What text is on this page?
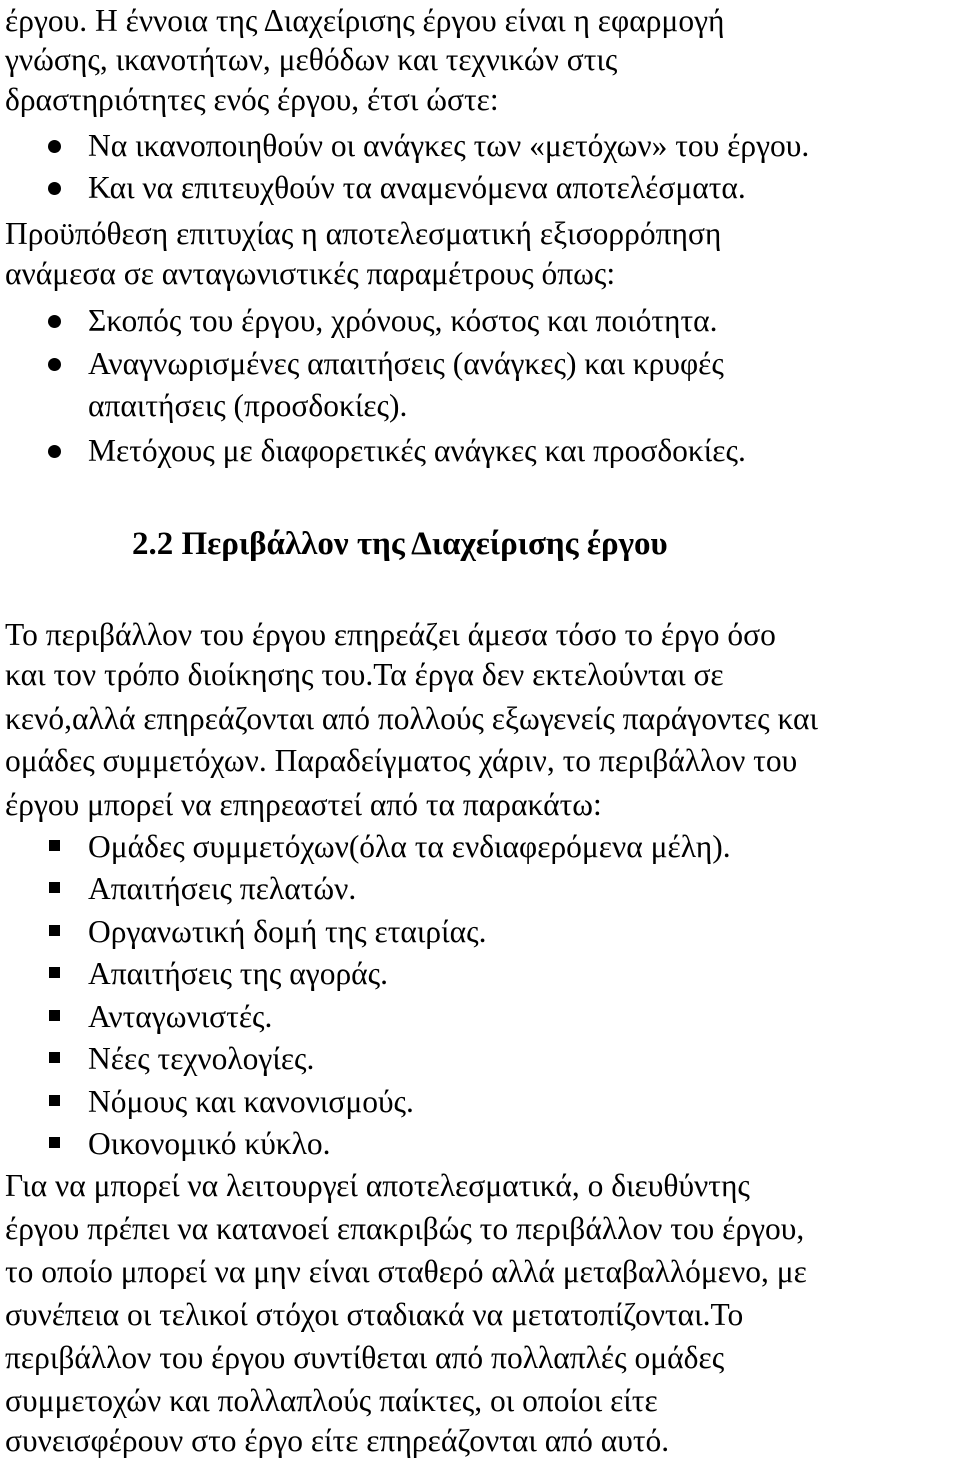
έργου. Η έννοια της Διαχείρισης έργου είναι η εφαρμογή

γνώσης, ικανοτήτων, μεθόδων και τεχνικών στις

δραστηριότητες ενός έργου, έτσι ώστε:

Να ικανοποιηθούν οι ανάγκες των «μετόχων» του έργου.

Και να επιτευχθούν τα αναμενόμενα αποτελέσματα.

Προϋπόθεση επιτυχίας η αποτελεσματική εξισορρόπηση

ανάμεσα σε ανταγωνιστικές παραμέτρους όπως:

Σκοπός του έργου, χρόνους, κόστος και ποιότητα.

Αναγνωρισμένες απαιτήσεις (ανάγκες) και κρυφές

απαιτήσεις (προσδοκίες).

Μετόχους με διαφορετικές ανάγκες και προσδοκίες.

2.2 Περιβάλλον της Διαχείρισης έργου

Το περιβάλλον του έργου επηρεάζει άμεσα τόσο το έργο όσο

και τον τρόπο διοίκησης του.Τα έργα δεν εκτελούνται σε

κενό,αλλά επηρεάζονται από πολλούς εξωγενείς παράγοντες και

ομάδες συμμετόχων. Παραδείγματος χάριν, το περιβάλλον του

έργου μπορεί να επηρεαστεί από τα παρακάτω:

Ομάδες συμμετόχων(όλα τα ενδιαφερόμενα μέλη).

Απαιτήσεις πελατών.

Οργανωτική δομή της εταιρίας.

Απαιτήσεις της αγοράς.

Ανταγωνιστές.

Νέες τεχνολογίες.

Νόμους και κανονισμούς.

Οικονομικό κύκλο.

Για να μπορεί να λειτουργεί αποτελεσματικά, ο διευθύντης

έργου πρέπει να κατανοεί επακριβώς το περιβάλλον του έργου,

το οποίο μπορεί να μην είναι σταθερό αλλά μεταβαλλόμενο, με

συνέπεια οι τελικοί στόχοι σταδιακά να μετατοπίζονται.Το

περιβάλλον του έργου συντίθεται από πολλαπλές ομάδες

συμμετοχών και πολλαπλούς παίκτες, οι οποίοι είτε

συνεισφέρουν στο έργο είτε επηρεάζονται από αυτό.
